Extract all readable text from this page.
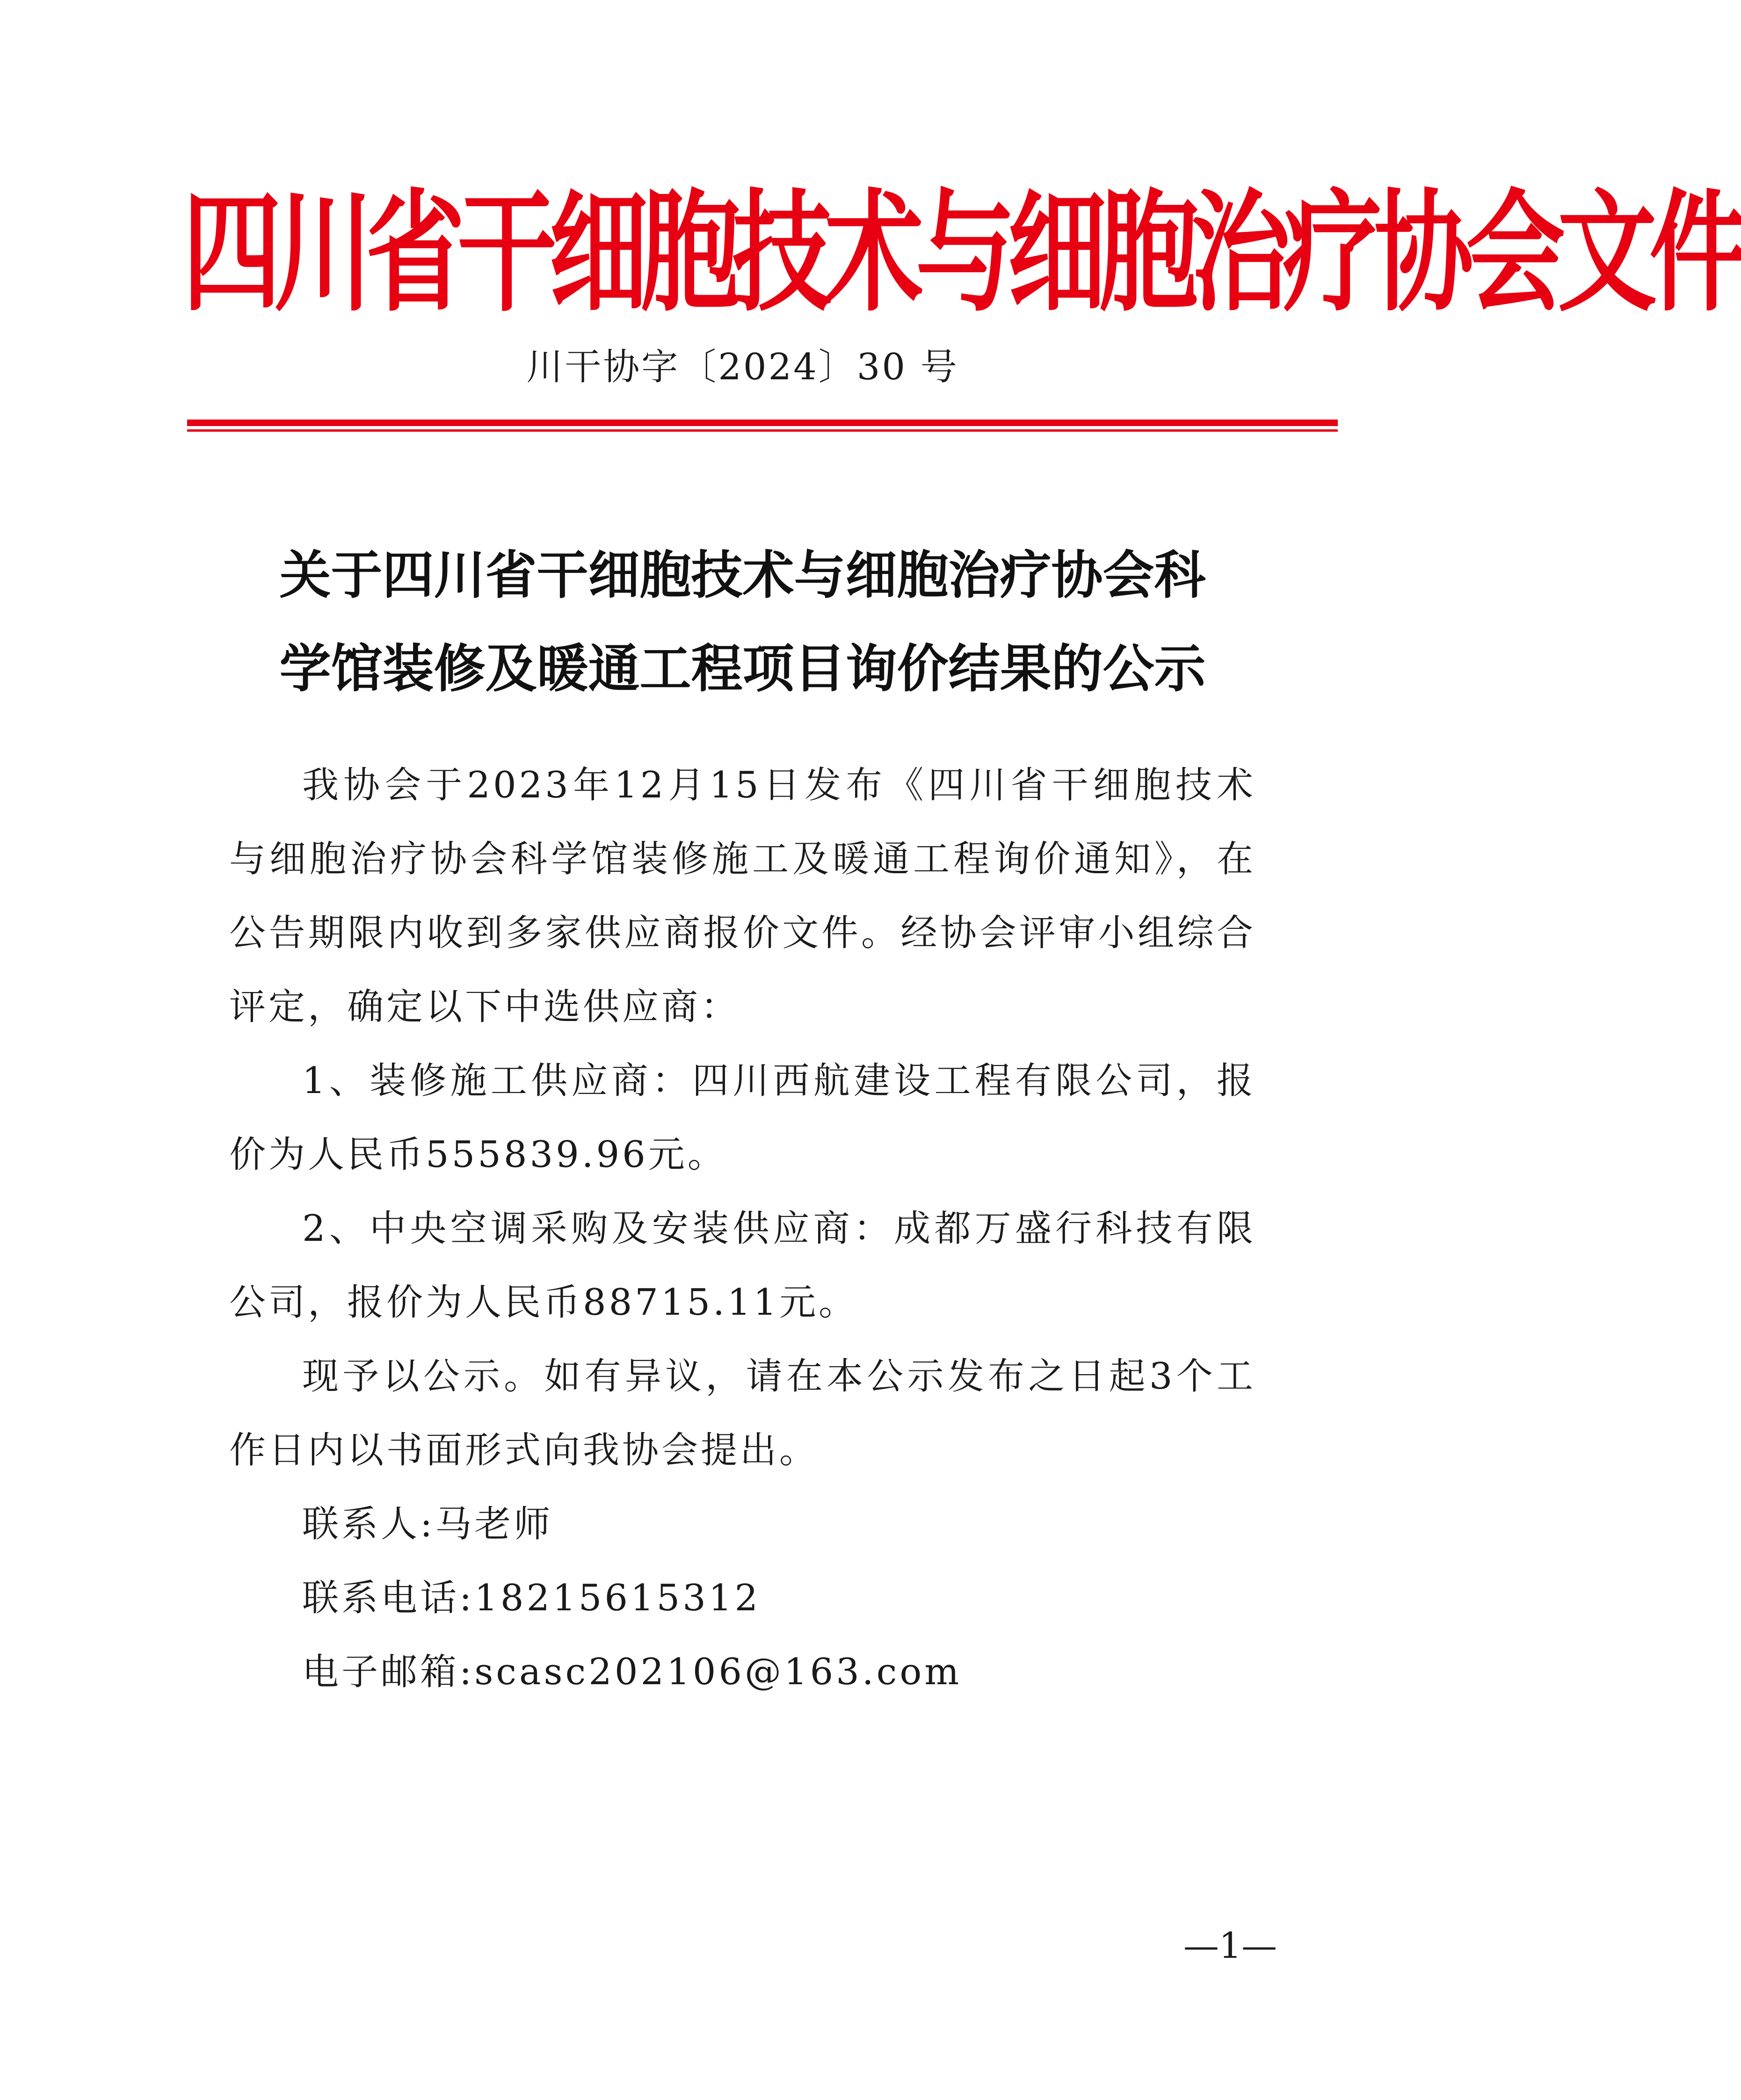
四川省干细胞技术与细胞治疗协会文件
川干协字〔2024〕30 号
关于四川省干细胞技术与细胞治疗协会科
学馆装修及暖通工程项目询价结果的公示

我协会于2023年12月15日发布《四川省干细胞技术与细胞治疗协会科学馆装修施工及暖通工程询价通知》，在公告期限内收到多家供应商报价文件。经协会评审小组综合评定，确定以下中选供应商：

1、装修施工供应商：四川西航建设工程有限公司，报价为人民币555839.96元。

2、中央空调采购及安装供应商：成都万盛行科技有限公司，报价为人民币88715.11元。

现予以公示。如有异议，请在本公示发布之日起3个工作日内以书面形式向我协会提出。

联系人:马老师

联系电话:18215615312

电子邮箱:scasc202106@163.com

—1—
